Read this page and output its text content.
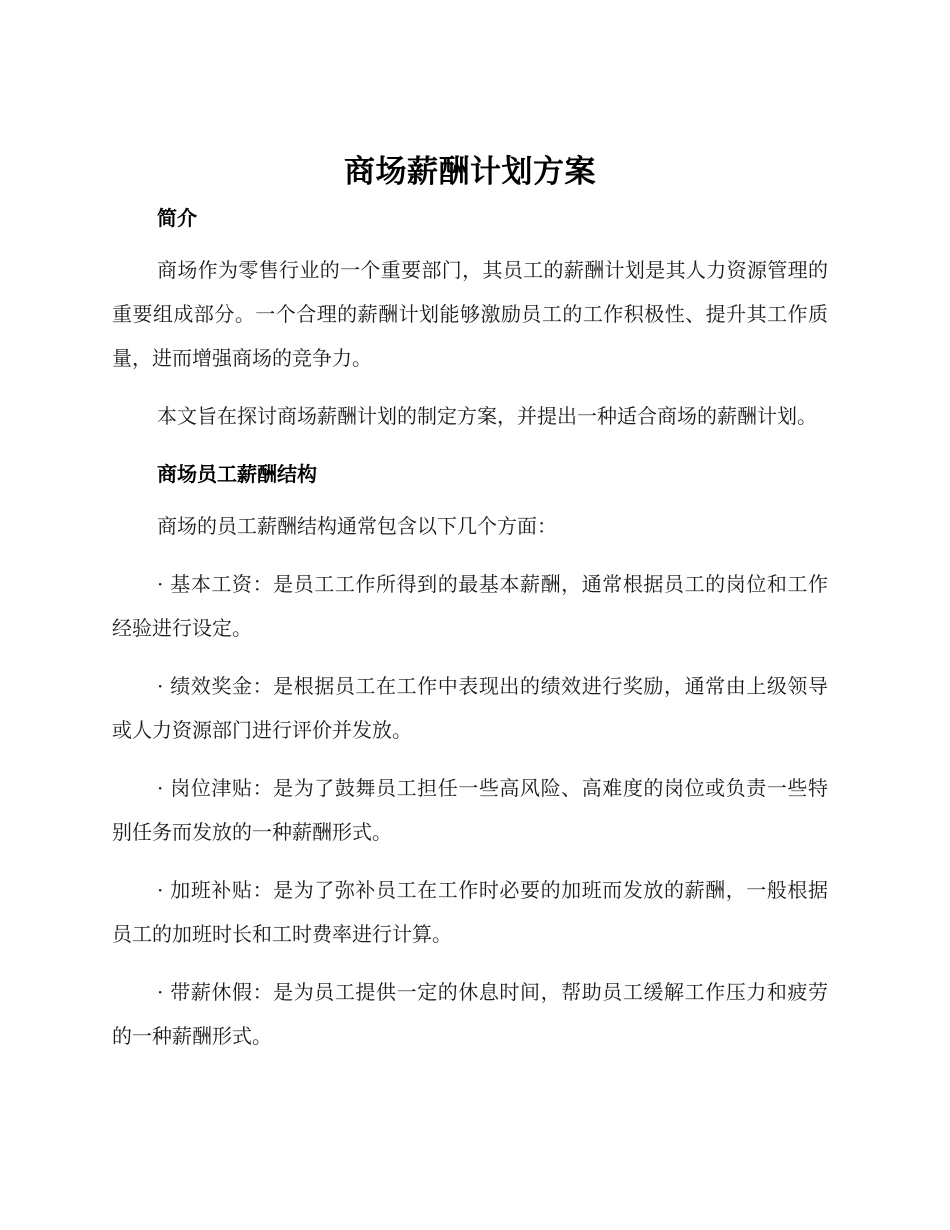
商场薪酬计划方案
简介

商场作为零售行业的一个重要部门，其员工的薪酬计划是其人力资源管理的重要组成部分。一个合理的薪酬计划能够激励员工的工作积极性、提升其工作质量，进而增强商场的竞争力。

本文旨在探讨商场薪酬计划的制定方案，并提出一种适合商场的薪酬计划。

商场员工薪酬结构

商场的员工薪酬结构通常包含以下几个方面：

· 基本工资：是员工工作所得到的最基本薪酬，通常根据员工的岗位和工作经验进行设定。

· 绩效奖金：是根据员工在工作中表现出的绩效进行奖励，通常由上级领导或人力资源部门进行评价并发放。

· 岗位津贴：是为了鼓舞员工担任一些高风险、高难度的岗位或负责一些特别任务而发放的一种薪酬形式。

· 加班补贴：是为了弥补员工在工作时必要的加班而发放的薪酬，一般根据员工的加班时长和工时费率进行计算。

· 带薪休假：是为员工提供一定的休息时间，帮助员工缓解工作压力和疲劳的一种薪酬形式。
